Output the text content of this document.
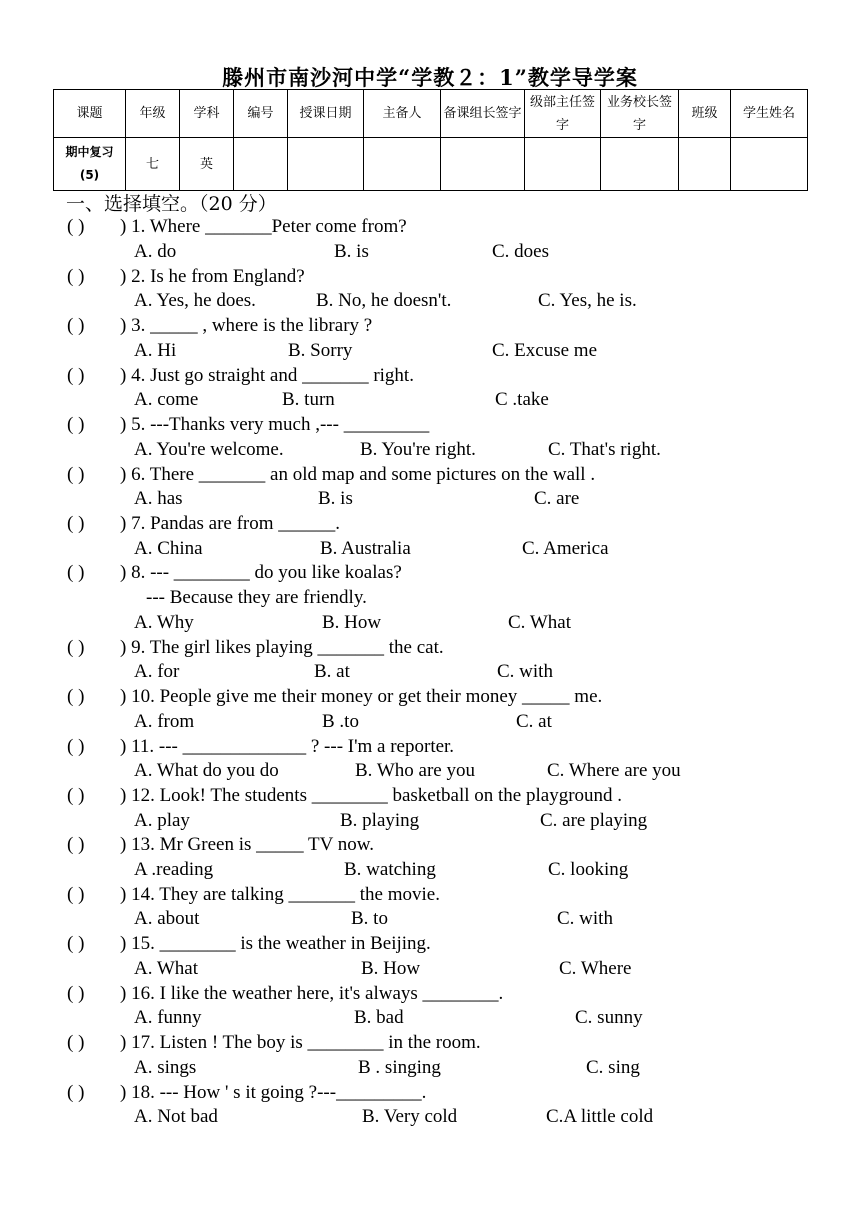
滕州市南沙河中学“学教２：1”教学导学案
课题	年级	学科	编号	授课日期	主备人	备课组长签字	级部主任签字	业务校长签字	班级	学生姓名
期中复习(5)	七	英								
一、选择填空。（20 分）
( ) ) 1. Where _______Peter come from?
A. do	B. is	C. does
( ) ) 2. Is he from England?
A. Yes, he does.	B. No, he doesn't.	C. Yes, he is.
( ) ) 3. _____ , where is the library ?
A. Hi	B. Sorry	C. Excuse me
( ) ) 4. Just go straight and _______ right.
A. come	B. turn	C .take
( ) ) 5. ---Thanks very much ,--- _________
A. You're welcome.	B. You're right.	C. That's right.
( ) ) 6. There _______ an old map and some pictures on the wall .
A. has	B. is	C. are
( ) ) 7. Pandas are from ______.
A. China	B. Australia	C. America
( ) ) 8. --- ________ do you like koalas?
--- Because they are friendly.
A. Why	B. How	C. What
( ) ) 9. The girl likes playing _______ the cat.
A. for	B. at	C. with
( ) ) 10. People give me their money or get their money _____ me.
A. from	B .to	C. at
( ) ) 11. --- _____________ ? --- I'm a reporter.
A. What do you do	B. Who are you	C. Where are you
( ) ) 12. Look! The students ________ basketball on the playground .
A. play	B. playing	C. are playing
( ) ) 13. Mr Green is _____ TV now.
A .reading	B. watching	C. looking
( ) ) 14. They are talking _______ the movie.
A. about	B. to	C. with
( ) ) 15. ________ is the weather in Beijing.
A. What	B. How	C. Where
( ) ) 16. I like the weather here, it's always ________.
A. funny	B. bad	C. sunny
( ) ) 17. Listen ! The boy is ________ in the room.
A. sings	B . singing	C. sing
( ) ) 18. --- How ' s it going ?---_________.
A. Not bad	B. Very cold	C.A little cold
